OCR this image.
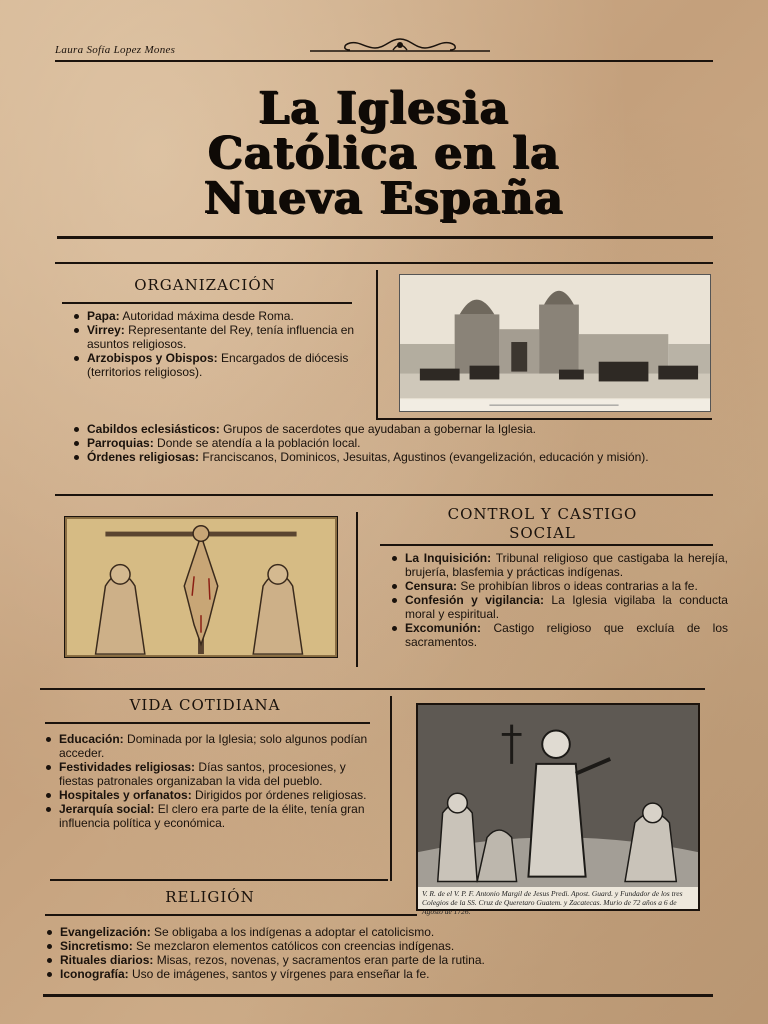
Laura Sofía Lopez Mones
La Iglesia
Católica en la
Nueva España
ORGANIZACIÓN
Papa: Autoridad máxima desde Roma.
Virrey: Representante del Rey, tenía influencia en asuntos religiosos.
Arzobispos y Obispos: Encargados de diócesis (territorios religiosos).
Cabildos eclesiásticos: Grupos de sacerdotes que ayudaban a gobernar la Iglesia.
Parroquias: Donde se atendía a la población local.
Órdenes religiosas: Franciscanos, Dominicos, Jesuitas, Agustinos (evangelización, educación y misión).
CONTROL Y CASTIGO
SOCIAL
La Inquisición: Tribunal religioso que castigaba la herejía, brujería, blasfemia y prácticas indígenas.
Censura: Se prohibían libros o ideas contrarias a la fe.
Confesión y vigilancia: La Iglesia vigilaba la conducta moral y espiritual.
Excomunión: Castigo religioso que excluía de los sacramentos.
VIDA COTIDIANA
Educación: Dominada por la Iglesia; solo algunos podían acceder.
Festividades religiosas: Días santos, procesiones, y fiestas patronales organizaban la vida del pueblo.
Hospitales y orfanatos: Dirigidos por órdenes religiosas.
Jerarquía social: El clero era parte de la élite, tenía gran influencia política y económica.
V. R. de el V. P. F. Antonio Margil de Jesus Predi. Apost. Guard. y Fundador de los tres Colegios de la SS. Cruz de Queretaro Guatem. y Zacatecas. Murio de 72 años a 6 de Agosto de 1726.
RELIGIÓN
Evangelización: Se obligaba a los indígenas a adoptar el catolicismo.
Sincretismo: Se mezclaron elementos católicos con creencias indígenas.
Rituales diarios: Misas, rezos, novenas, y sacramentos eran parte de la rutina.
Iconografía: Uso de imágenes, santos y vírgenes para enseñar la fe.
